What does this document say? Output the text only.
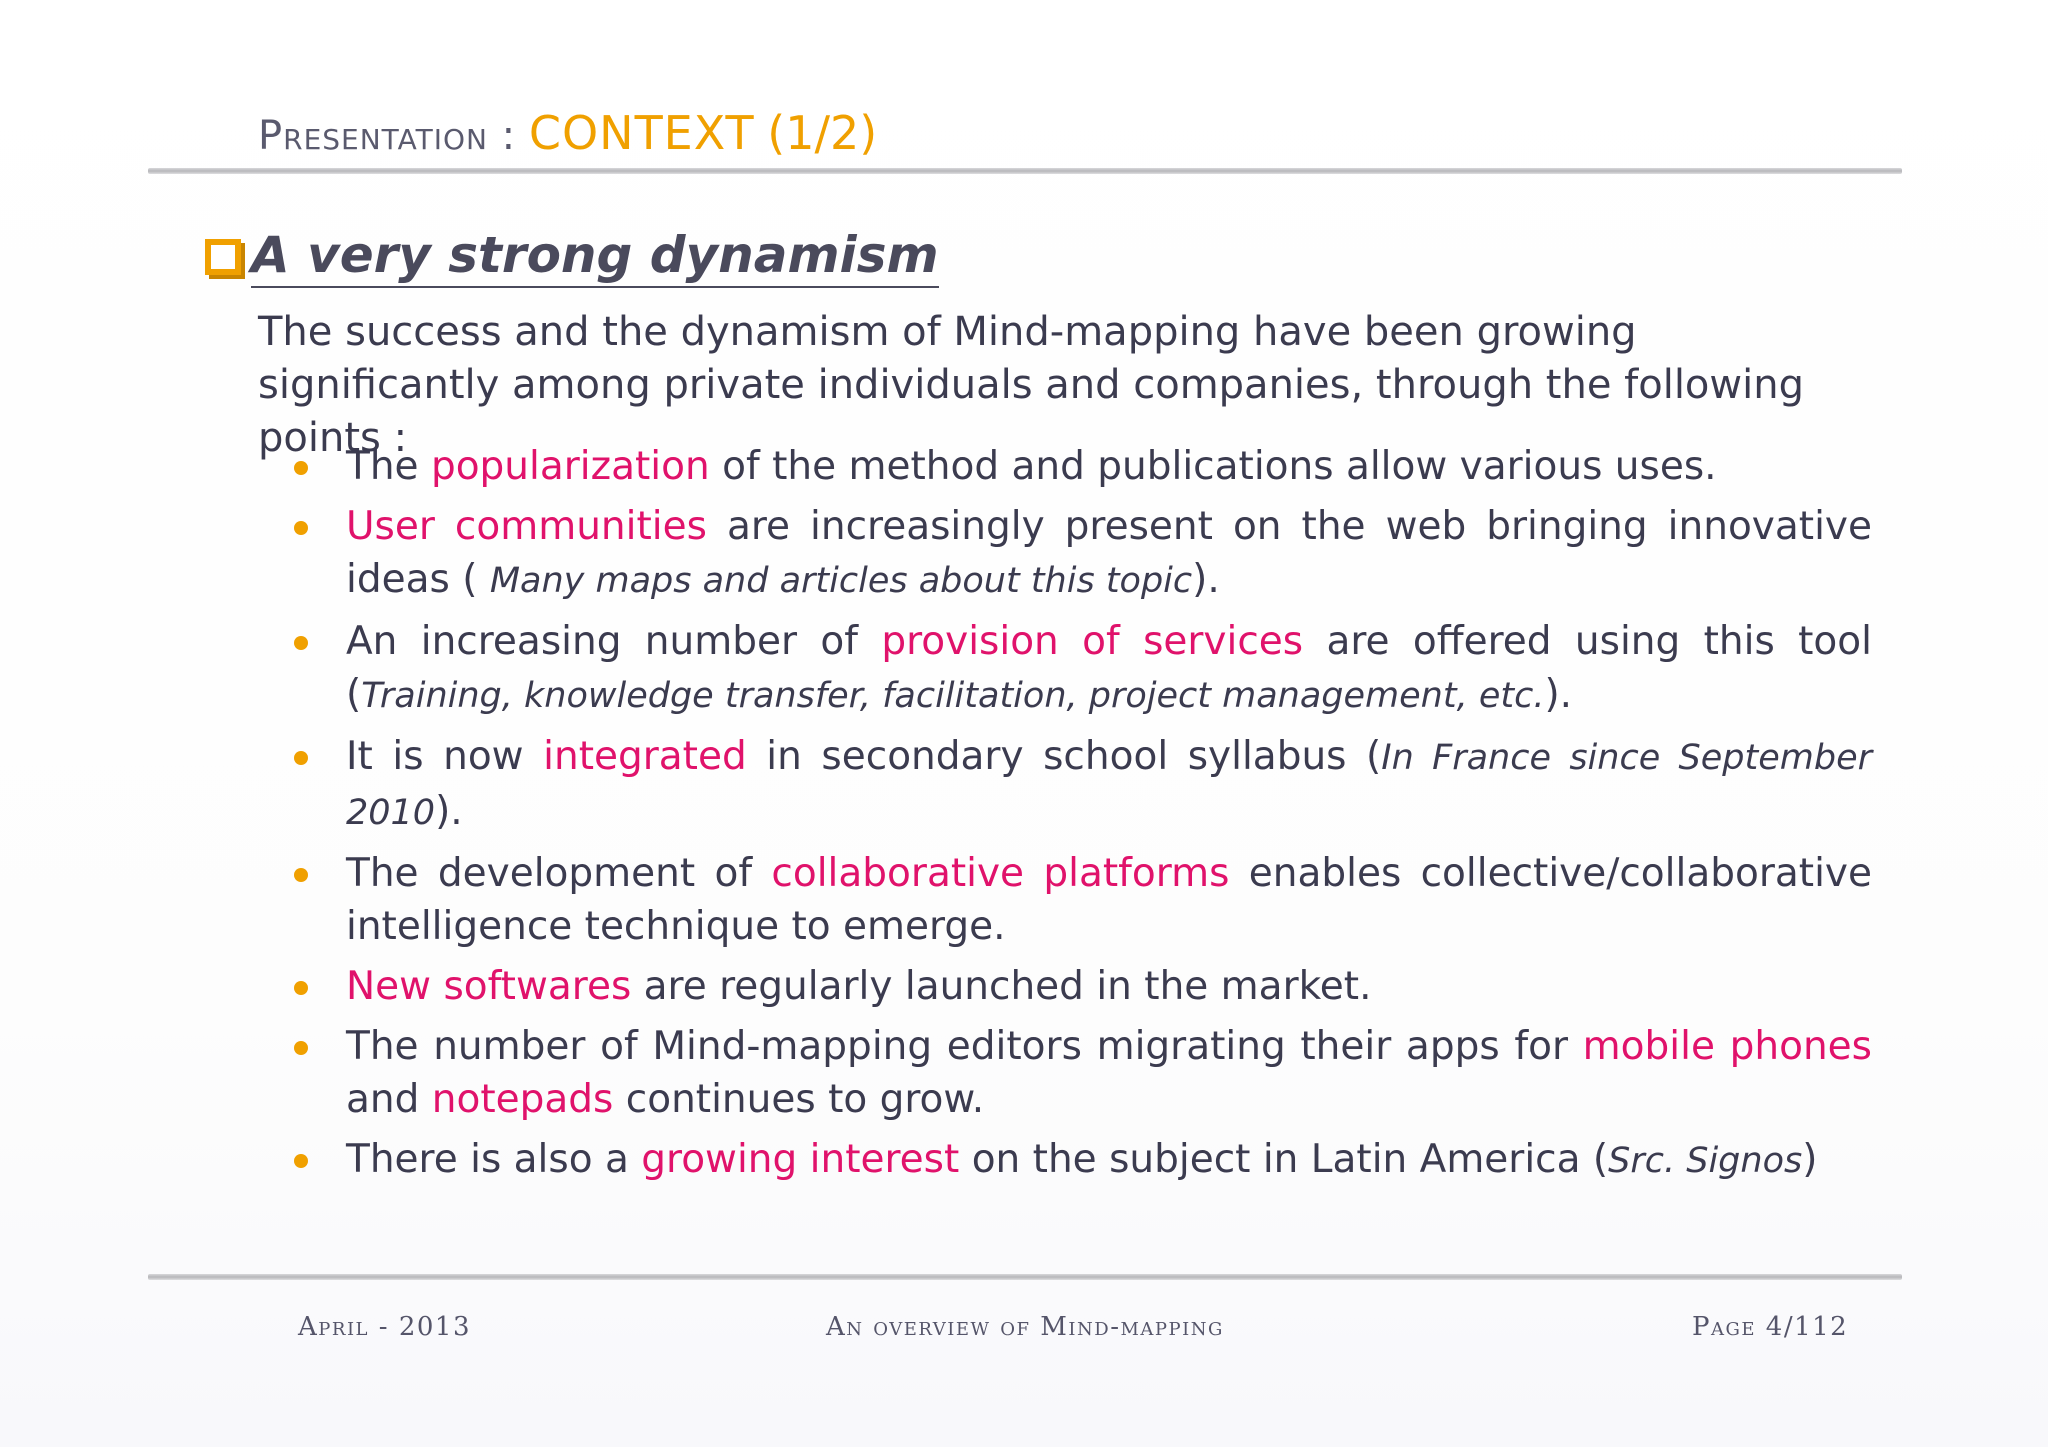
Presentation : CONTEXT (1/2)
A very strong dynamism
The success and the dynamism of Mind-mapping have been growing significantly among private individuals and companies, through the following points :
The popularization of the method and publications allow various uses.
User communities are increasingly present on the web bringing innovative ideas ( Many maps and articles about this topic).
An increasing number of provision of services are offered using this tool (Training, knowledge transfer, facilitation, project management, etc.).
It is now integrated in secondary school syllabus (In France since September 2010).
The development of collaborative platforms enables collective/collaborative intelligence technique to emerge.
New softwares are regularly launched in the market.
The number of Mind-mapping editors migrating their apps for mobile phones and notepads continues to grow.
There is also a growing interest on the subject in Latin America (Src. Signos)
April - 2013	An overview of Mind-mapping	Page 4/112
